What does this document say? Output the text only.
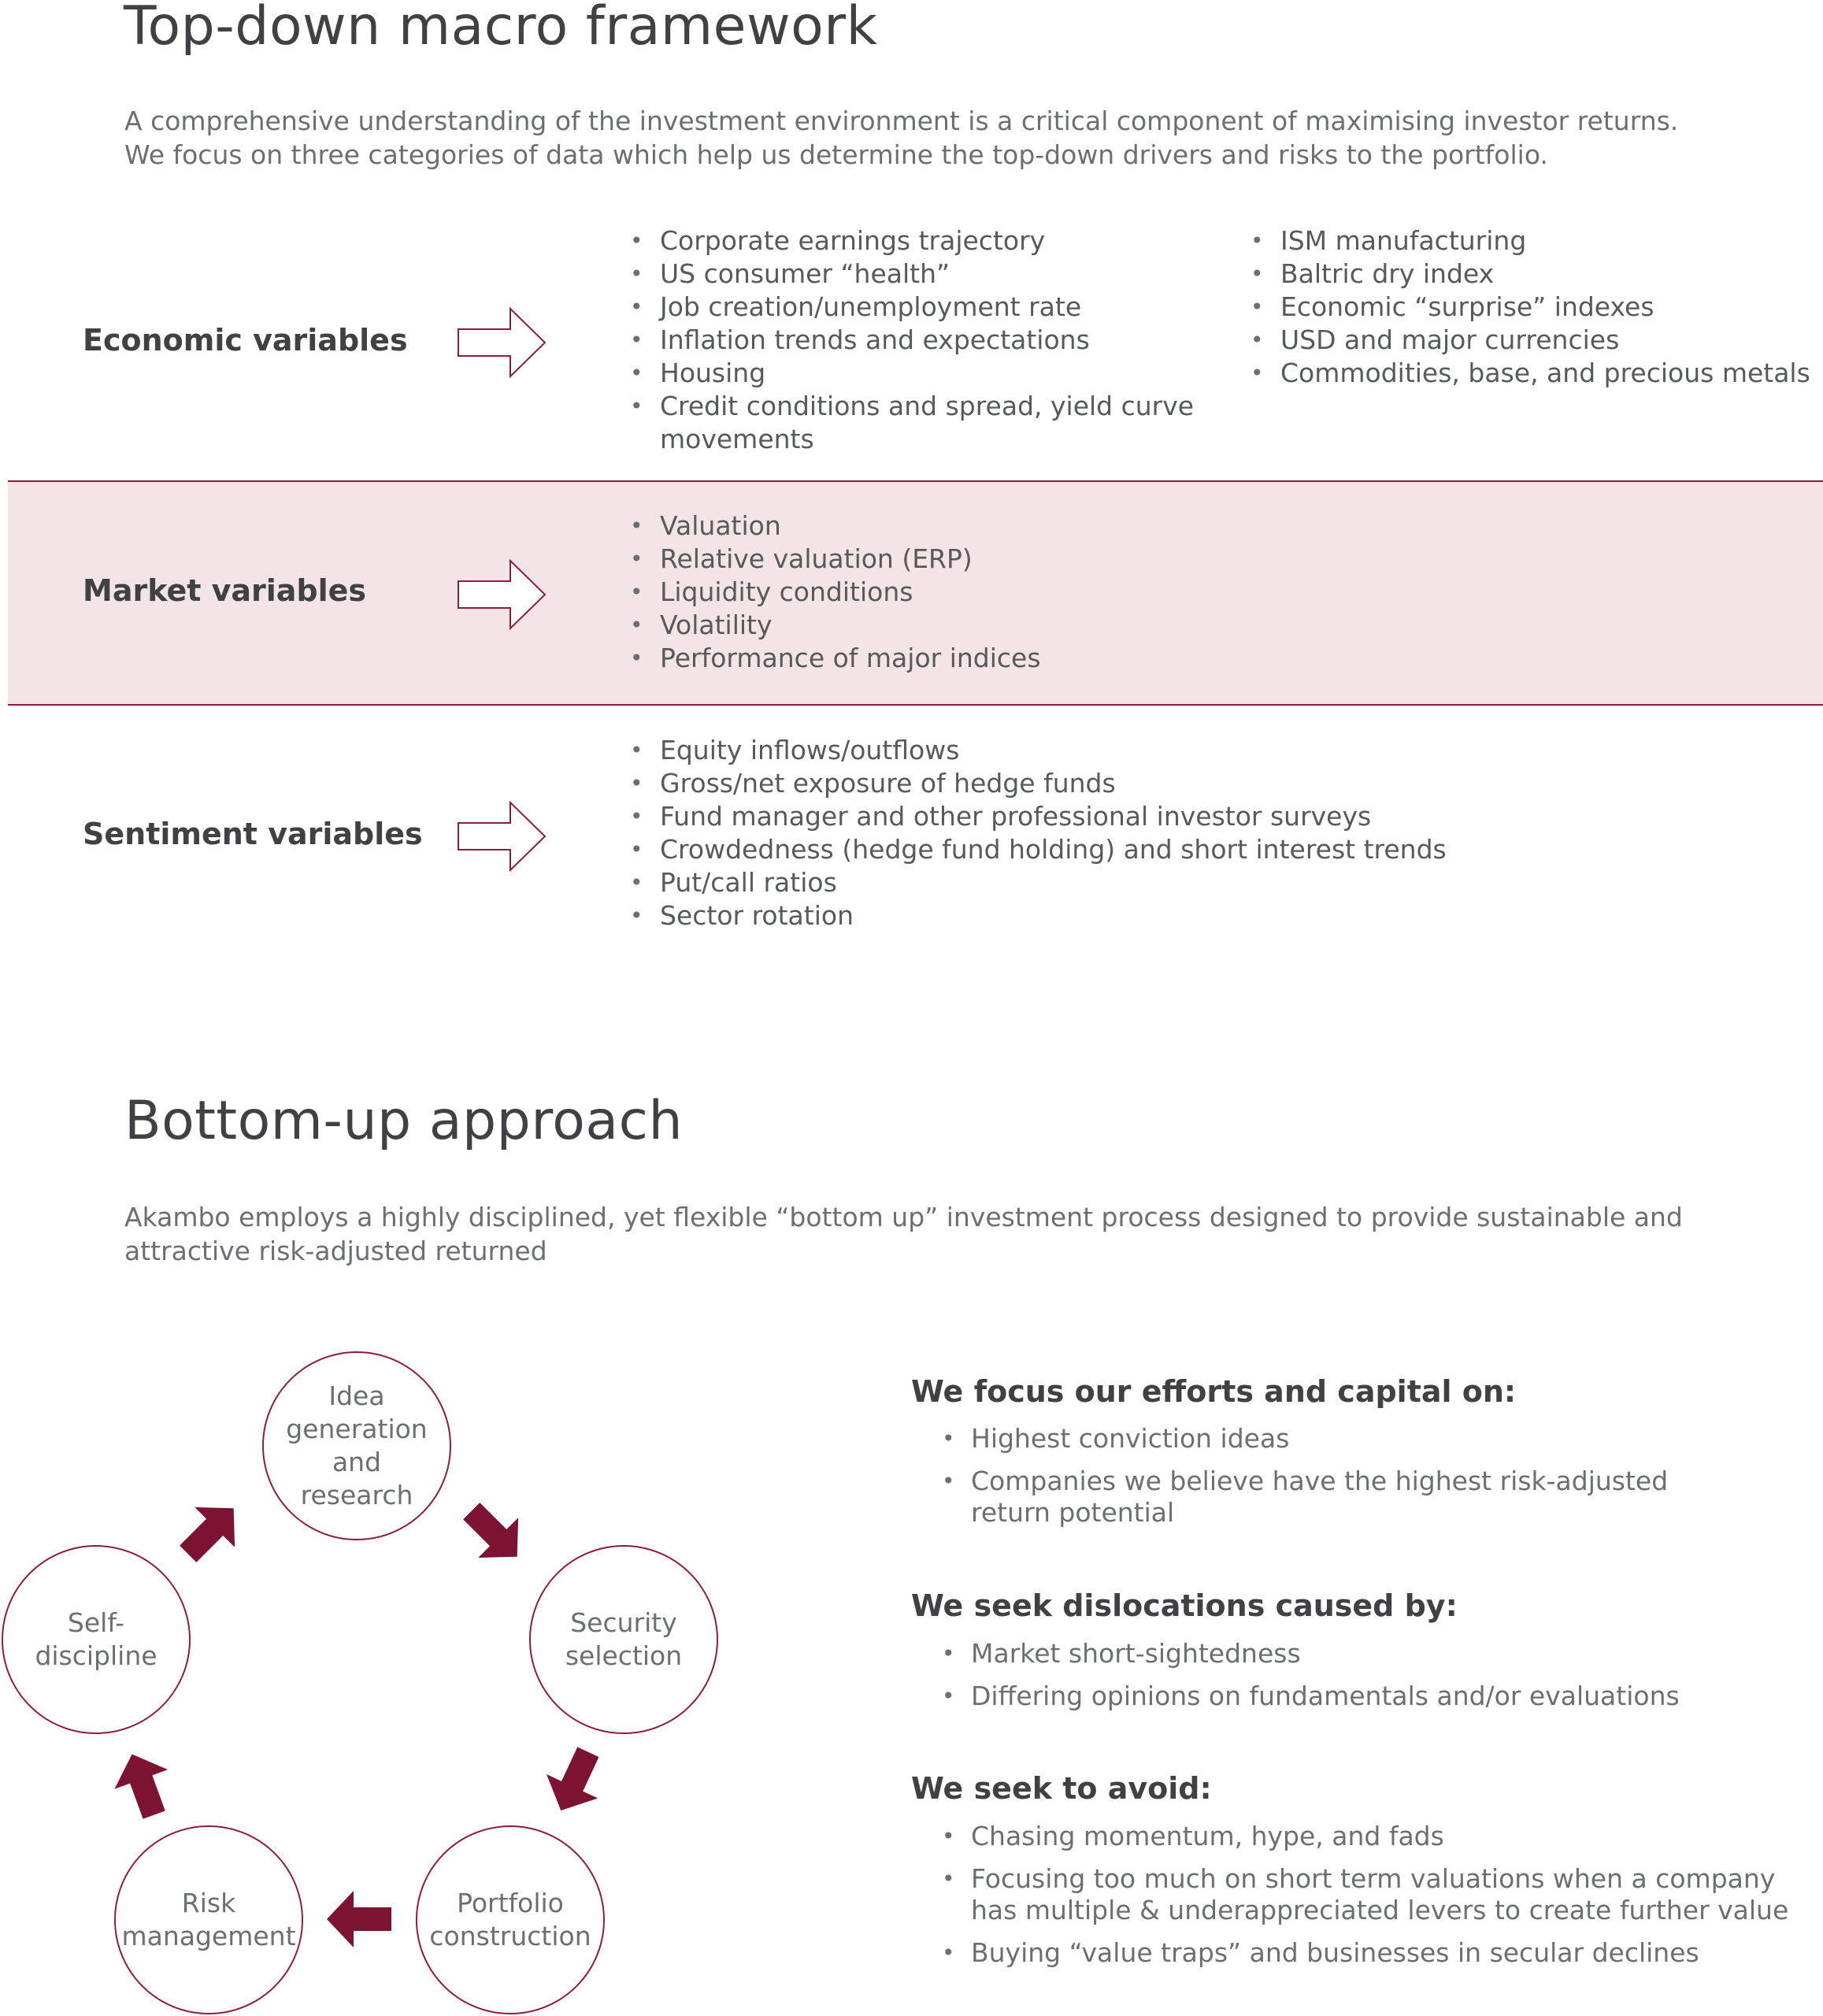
Top-down macro framework
A comprehensive understanding of the investment environment is a critical component of maximising investor returns.
We focus on three categories of data which help us determine the top-down drivers and risks to the portfolio.
Economic variables
• Corporate earnings trajectory
• US consumer “health”
• Job creation/unemployment rate
• Inflation trends and expectations
• Housing
• Credit conditions and spread, yield curve
movements
• ISM manufacturing
• Baltric dry index
• Economic “surprise” indexes
• USD and major currencies
• Commodities, base, and precious metals
Market variables
• Valuation
• Relative valuation (ERP)
• Liquidity conditions
• Volatility
• Performance of major indices
Sentiment variables
• Equity inflows/outflows
• Gross/net exposure of hedge funds
• Fund manager and other professional investor surveys
• Crowdedness (hedge fund holding) and short interest trends
• Put/call ratios
• Sector rotation
Bottom-up approach
Akambo employs a highly disciplined, yet flexible “bottom up” investment process designed to provide sustainable and
attractive risk-adjusted returned
Idea
generation
and
research
Security
selection
Portfolio
construction
Risk
management
Self-
discipline
We focus our efforts and capital on:
• Highest conviction ideas
• Companies we believe have the highest risk-adjusted
return potential
We seek dislocations caused by:
• Market short-sightedness
• Differing opinions on fundamentals and/or evaluations
We seek to avoid:
• Chasing momentum, hype, and fads
• Focusing too much on short term valuations when a company
has multiple & underappreciated levers to create further value
• Buying “value traps” and businesses in secular declines
